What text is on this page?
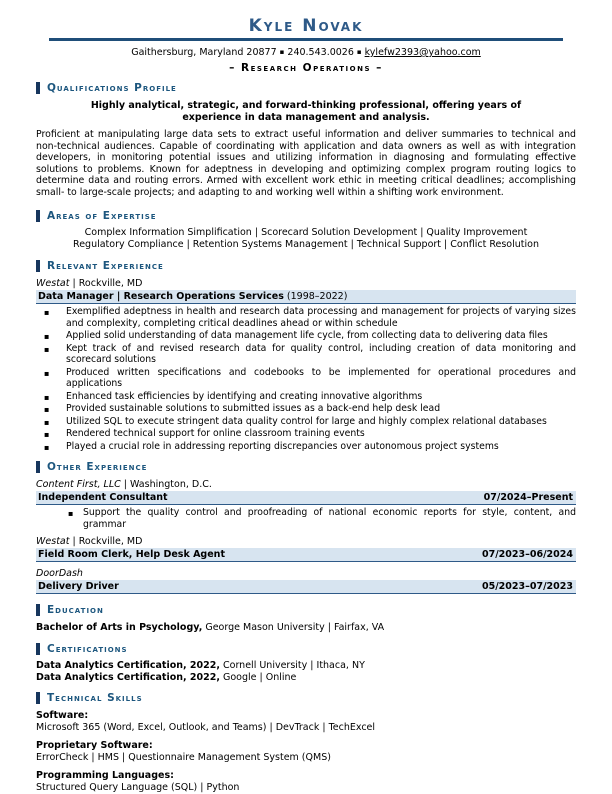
Kyle Novak
Gaithersburg, Maryland 20877 ▪ 240.543.0026 ▪ kylefw2393@yahoo.com
– Research Operations –
Qualifications Profile
Highly analytical, strategic, and forward-thinking professional, offering years of experience in data management and analysis.
Proficient at manipulating large data sets to extract useful information and deliver summaries to technical and non-technical audiences. Capable of coordinating with application and data owners as well as with integration developers, in monitoring potential issues and utilizing information in diagnosing and formulating effective solutions to problems. Known for adeptness in developing and optimizing complex program routing logics to determine data and routing errors. Armed with excellent work ethic in meeting critical deadlines; accomplishing small- to large-scale projects; and adapting to and working well within a shifting work environment.
Areas of Expertise
Complex Information Simplification | Scorecard Solution Development | Quality Improvement
Regulatory Compliance | Retention Systems Management | Technical Support | Conflict Resolution
Relevant Experience
Westat | Rockville, MD
Data Manager | Research Operations Services (1998–2022)
▪ Exemplified adeptness in health and research data processing and management for projects of varying sizes and complexity, completing critical deadlines ahead or within schedule
▪ Applied solid understanding of data management life cycle, from collecting data to delivering data files
▪ Kept track of and revised research data for quality control, including creation of data monitoring and scorecard solutions
▪ Produced written specifications and codebooks to be implemented for operational procedures and applications
▪ Enhanced task efficiencies by identifying and creating innovative algorithms
▪ Provided sustainable solutions to submitted issues as a back-end help desk lead
▪ Utilized SQL to execute stringent data quality control for large and highly complex relational databases
▪ Rendered technical support for online classroom training events
▪ Played a crucial role in addressing reporting discrepancies over autonomous project systems
Other Experience
Content First, LLC | Washington, D.C.
Independent Consultant	07/2024–Present
▪ Support the quality control and proofreading of national economic reports for style, content, and grammar
Westat | Rockville, MD
Field Room Clerk, Help Desk Agent	07/2023–06/2024
DoorDash
Delivery Driver	05/2023–07/2023
Education
Bachelor of Arts in Psychology, George Mason University | Fairfax, VA
Certifications
Data Analytics Certification, 2022, Cornell University | Ithaca, NY
Data Analytics Certification, 2022, Google | Online
Technical Skills
Software:
Microsoft 365 (Word, Excel, Outlook, and Teams) | DevTrack | TechExcel
Proprietary Software:
ErrorCheck | HMS | Questionnaire Management System (QMS)
Programming Languages:
Structured Query Language (SQL) | Python
